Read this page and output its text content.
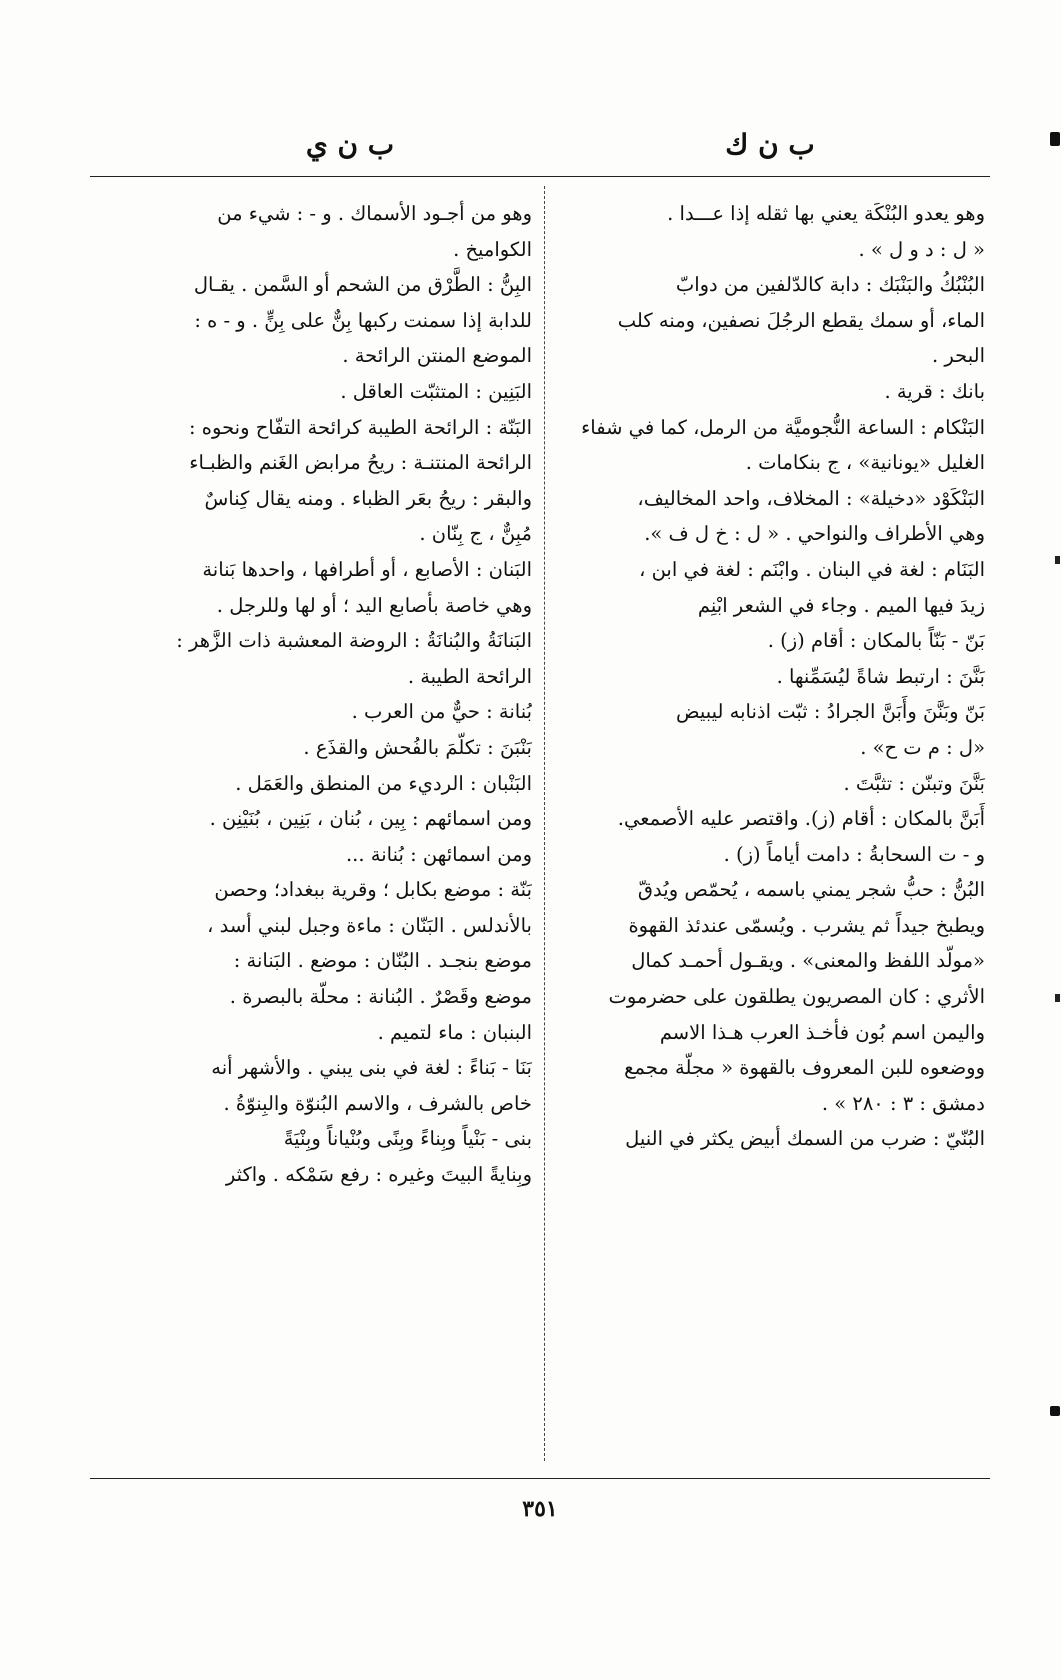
ب ن ك
ب ن ي
وهو يعدو البُنْكَة يعني بها ثقله إذا عـــدا .
« ل : د و ل » .
البُنْبُكُ والبَنْبَك : دابة كالدّلفين من دوابّ
الماء، أو سمك يقطع الرجُلَ نصفين، ومنه كلب
البحر .
بانك : قرية .
البَنْكام : الساعة النُّجوميَّة من الرمل، كما في شفاء
الغليل «يونانية» ، ج بنكامات .
البَنْكَوْد «دخيلة» : المخلاف، واحد المخاليف،
وهي الأطراف والنواحي . « ل : خ ل ف ».
البَنَام : لغة في البنان . وابْنَم : لغة في ابن ،
زيدَ فيها الميم . وجاء في الشعر ابْنِم
بَنّ - بَنّاً بالمكان : أقام (ز) .
بَنَّنَ : ارتبط شاةً ليُسَمِّنها .
بَنّ وبَنَّنَ وأَبَنَّ الجرادُ : ثبّت اذنابه ليبيض
«ل : م ت ح» .
بَنَّنَ وتبنّن : تثبَّتَ .
أَبَنَّ بالمكان : أقام (ز). واقتصر عليه الأصمعي.
و - ت السحابةُ : دامت أياماً (ز) .
البُنُّ : حبُّ شجر يمني باسمه ، يُحمّص ويُدقّ
ويطبخ جيداً ثم يشرب . ويُسمّى عندئذ القهوة
«مولّد اللفظ والمعنى» . ويقـول أحمـد كمال
الأثري : كان المصريون يطلقون على حضرموت
واليمن اسم بُون فأخـذ العرب هـذا الاسم
ووضعوه للبن المعروف بالقهوة « مجلّة مجمع
دمشق : ٣ : ٢٨٠ » .
البُنّيّ : ضرب من السمك أبيض يكثر في النيل
وهو من أجـود الأسماك . و - : شيء من
الكوامیخ .
البِنُّ : الطَّرْق من الشحم أو السَّمن . يقـال
للدابة إذا سمنت ركبها بِنٌّ على بِنٍّ . و - ه :
الموضع المنتن الرائحة .
البَنِين : المتثبّت العاقل .
البَنّة : الرائحة الطيبة كرائحة التفّاح ونحوه :
الرائحة المنتنـة : ريحُ مرابض الغَنم والظبـاء
والبقر : ريحُ بعَر الظباء . ومنه يقال كِناسٌ
مُبِنٌّ ، ج بِنّان .
البَنان : الأصابع ، أو أطرافها ، واحدها بَنانة
وهي خاصة بأصابع اليد ؛ أو لها وللرجل .
البَنانَةُ والبُنانَةُ : الروضة المعشبة ذات الزَّهر :
الرائحة الطيبة .
بُنانة : حيٌّ من العرب .
بَنْبَنَ : تكلّمَ بالفُحش والقذَع .
البَنْبان : الرديء من المنطق والعَمَل .
ومن اسمائهم : بِين ، بُنان ، بَنِين ، بُنَيْنِن .
ومن اسمائهن : بُنانة ...
بَنّة : موضع بكابل ؛ وقرية ببغداد؛ وحصن
بالأندلس . البَنّان : ماءة وجبل لبني أسد ،
موضع بنجـد . البُنّان : موضع . البَنانة :
موضع وقَصْرٌ . البُنانة : محلّة بالبصرة .
البنبان : ماء لتميم .
بَنَا - بَناءً : لغة في بنى يبني . والأشهر أنه
خاص بالشرف ، والاسم البُنوّة والبِنوّةُ .
بنى - بَنْياً وبِناءً وبِنًى وبُنْياناً وبِنْيَةً
وبِنايةً البيتَ وغيره : رفع سَمْكه . واكثر
٣٥١
